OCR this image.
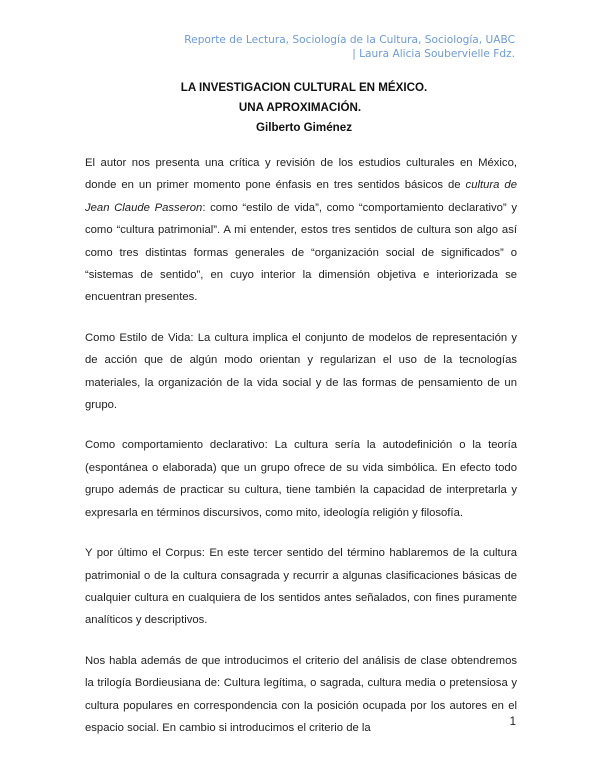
Reporte de Lectura, Sociología de la Cultura, Sociología, UABC
| Laura Alicia Soubervielle Fdz.
LA INVESTIGACION CULTURAL EN MÉXICO.
UNA APROXIMACIÓN.
Gilberto Giménez

El autor nos presenta una crítica y revisión de los estudios culturales en México, donde en un primer momento pone énfasis en tres sentidos básicos de cultura de Jean Claude Passeron: como “estilo de vida”, como “comportamiento declarativo” y como “cultura patrimonial”. A mi entender, estos tres sentidos de cultura son algo así como tres distintas formas generales de “organización social de significados” o “sistemas de sentido”, en cuyo interior la dimensión objetiva e interiorizada se encuentran presentes.

Como Estilo de Vida: La cultura implica el conjunto de modelos de representación y de acción que de algún modo orientan y regularizan el uso de la tecnologías materiales, la organización de la vida social y de las formas de pensamiento de un grupo.

Como comportamiento declarativo: La cultura sería la autodefinición o la teoría (espontánea o elaborada) que un grupo ofrece de su vida simbólica. En efecto todo grupo además de practicar su cultura, tiene también la capacidad de interpretarla y expresarla en términos discursivos, como mito, ideología religión y filosofía.

Y por último el Corpus: En este tercer sentido del término hablaremos de la cultura patrimonial o de la cultura consagrada y recurrir a algunas clasificaciones básicas de cualquier cultura en cualquiera de los sentidos antes señalados, con fines puramente analíticos y descriptivos.

Nos habla además de que introducimos el criterio del análisis de clase obtendremos la trilogía Bordieusiana de: Cultura legítima, o sagrada, cultura media o pretensiosa y cultura populares en correspondencia con la posición ocupada por los autores en el espacio social. En cambio si introducimos el criterio de la	1
